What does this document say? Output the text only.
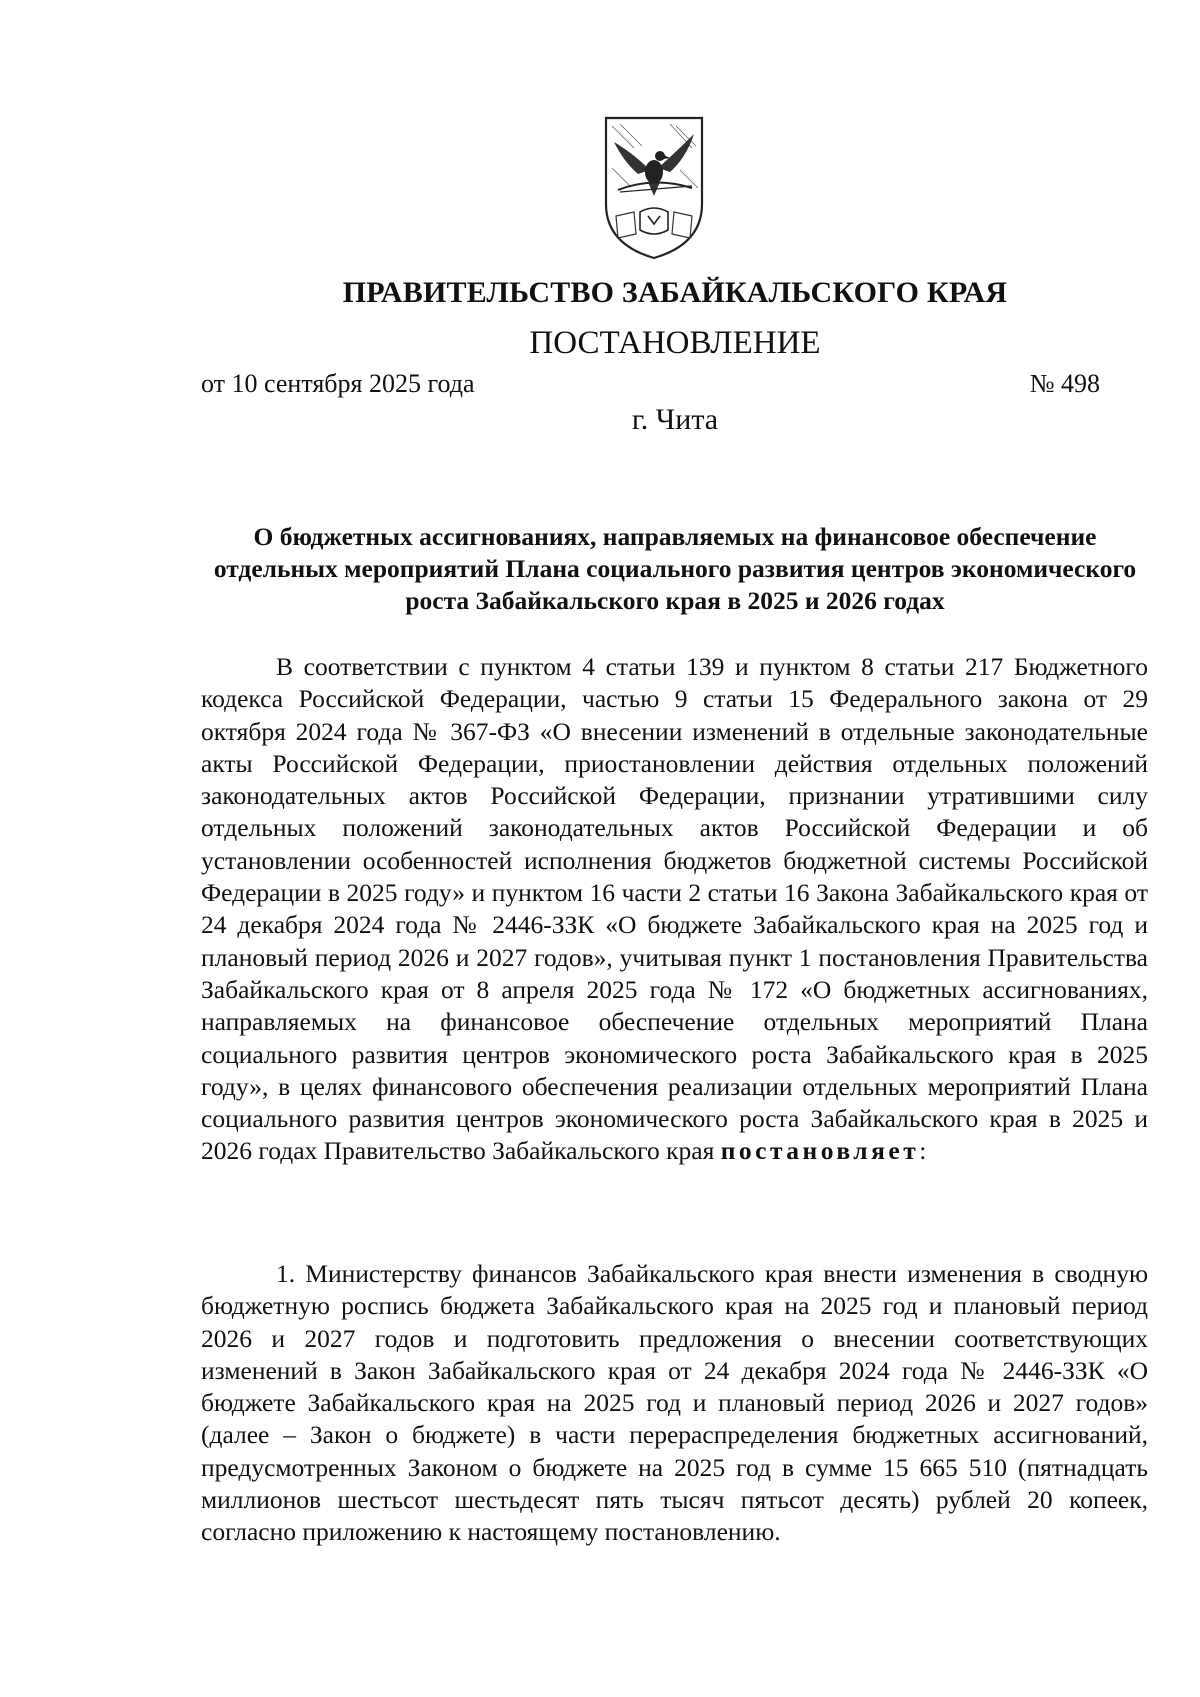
ПРАВИТЕЛЬСТВО ЗАБАЙКАЛЬСКОГО КРАЯ
ПОСТАНОВЛЕНИЕ
от 10 сентября 2025 года	№ 498
г. Чита
О бюджетных ассигнованиях, направляемых на финансовое обеспечение отдельных мероприятий Плана социального развития центров экономического роста Забайкальского края в 2025 и 2026 годах

В соответствии с пунктом 4 статьи 139 и пунктом 8 статьи 217 Бюджетного кодекса Российской Федерации, частью 9 статьи 15 Федерального закона от 29 октября 2024 года № 367-ФЗ «О внесении изменений в отдельные законодательные акты Российской Федерации, приостановлении действия отдельных положений законодательных актов Российской Федерации, признании утратившими силу отдельных положений законодательных актов Российской Федерации и об установлении особенностей исполнения бюджетов бюджетной системы Российской Федерации в 2025 году» и пунктом 16 части 2 статьи 16 Закона Забайкальского края от 24 декабря 2024 года № 2446-ЗЗК «О бюджете Забайкальского края на 2025 год и плановый период 2026 и 2027 годов», учитывая пункт 1 постановления Правительства Забайкальского края от 8 апреля 2025 года № 172 «О бюджетных ассигнованиях, направляемых на финансовое обеспечение отдельных мероприятий Плана социального развития центров экономического роста Забайкальского края в 2025 году», в целях финансового обеспечения реализации отдельных мероприятий Плана социального развития центров экономического роста Забайкальского края в 2025 и 2026 годах Правительство Забайкальского края постановляет:

1. Министерству финансов Забайкальского края внести изменения в сводную бюджетную роспись бюджета Забайкальского края на 2025 год и плановый период 2026 и 2027 годов и подготовить предложения о внесении соответствующих изменений в Закон Забайкальского края от 24 декабря 2024 года № 2446-ЗЗК «О бюджете Забайкальского края на 2025 год и плановый период 2026 и 2027 годов» (далее – Закон о бюджете) в части перераспределения бюджетных ассигнований, предусмотренных Законом о бюджете на 2025 год в сумме 15 665 510 (пятнадцать миллионов шестьсот шестьдесят пять тысяч пятьсот десять) рублей 20 копеек, согласно приложению к настоящему постановлению.
